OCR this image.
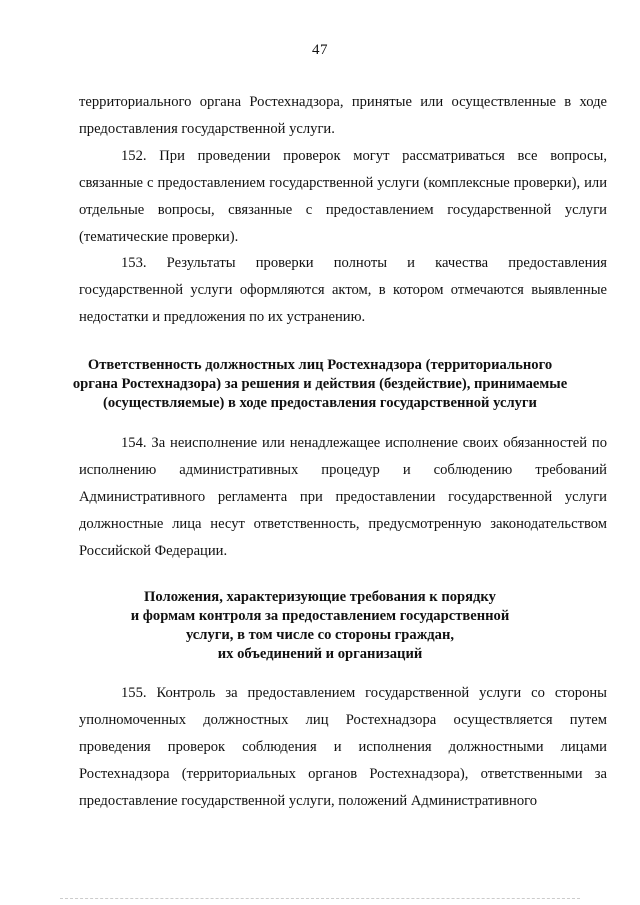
47

территориального органа Ростехнадзора, принятые или осуществленные в ходе предоставления государственной услуги.

152. При проведении проверок могут рассматриваться все вопросы, связанные с предоставлением государственной услуги (комплексные проверки), или отдельные вопросы, связанные с предоставлением государственной услуги (тематические проверки).

153. Результаты проверки полноты и качества предоставления государственной услуги оформляются актом, в котором отмечаются выявленные недостатки и предложения по их устранению.

Ответственность должностных лиц Ростехнадзора (территориального
органа Ростехнадзора) за решения и действия (бездействие), принимаемые
(осуществляемые) в ходе предоставления государственной услуги

154. За неисполнение или ненадлежащее исполнение своих обязанностей по исполнению административных процедур и соблюдению требований Административного регламента при предоставлении государственной услуги должностные лица несут ответственность, предусмотренную законодательством Российской Федерации.

Положения, характеризующие требования к порядку
и формам контроля за предоставлением государственной
услуги, в том числе со стороны граждан,
их объединений и организаций

155. Контроль за предоставлением государственной услуги со стороны уполномоченных должностных лиц Ростехнадзора осуществляется путем проведения проверок соблюдения и исполнения должностными лицами Ростехнадзора (территориальных органов Ростехнадзора), ответственными за предоставление государственной услуги, положений Административного
